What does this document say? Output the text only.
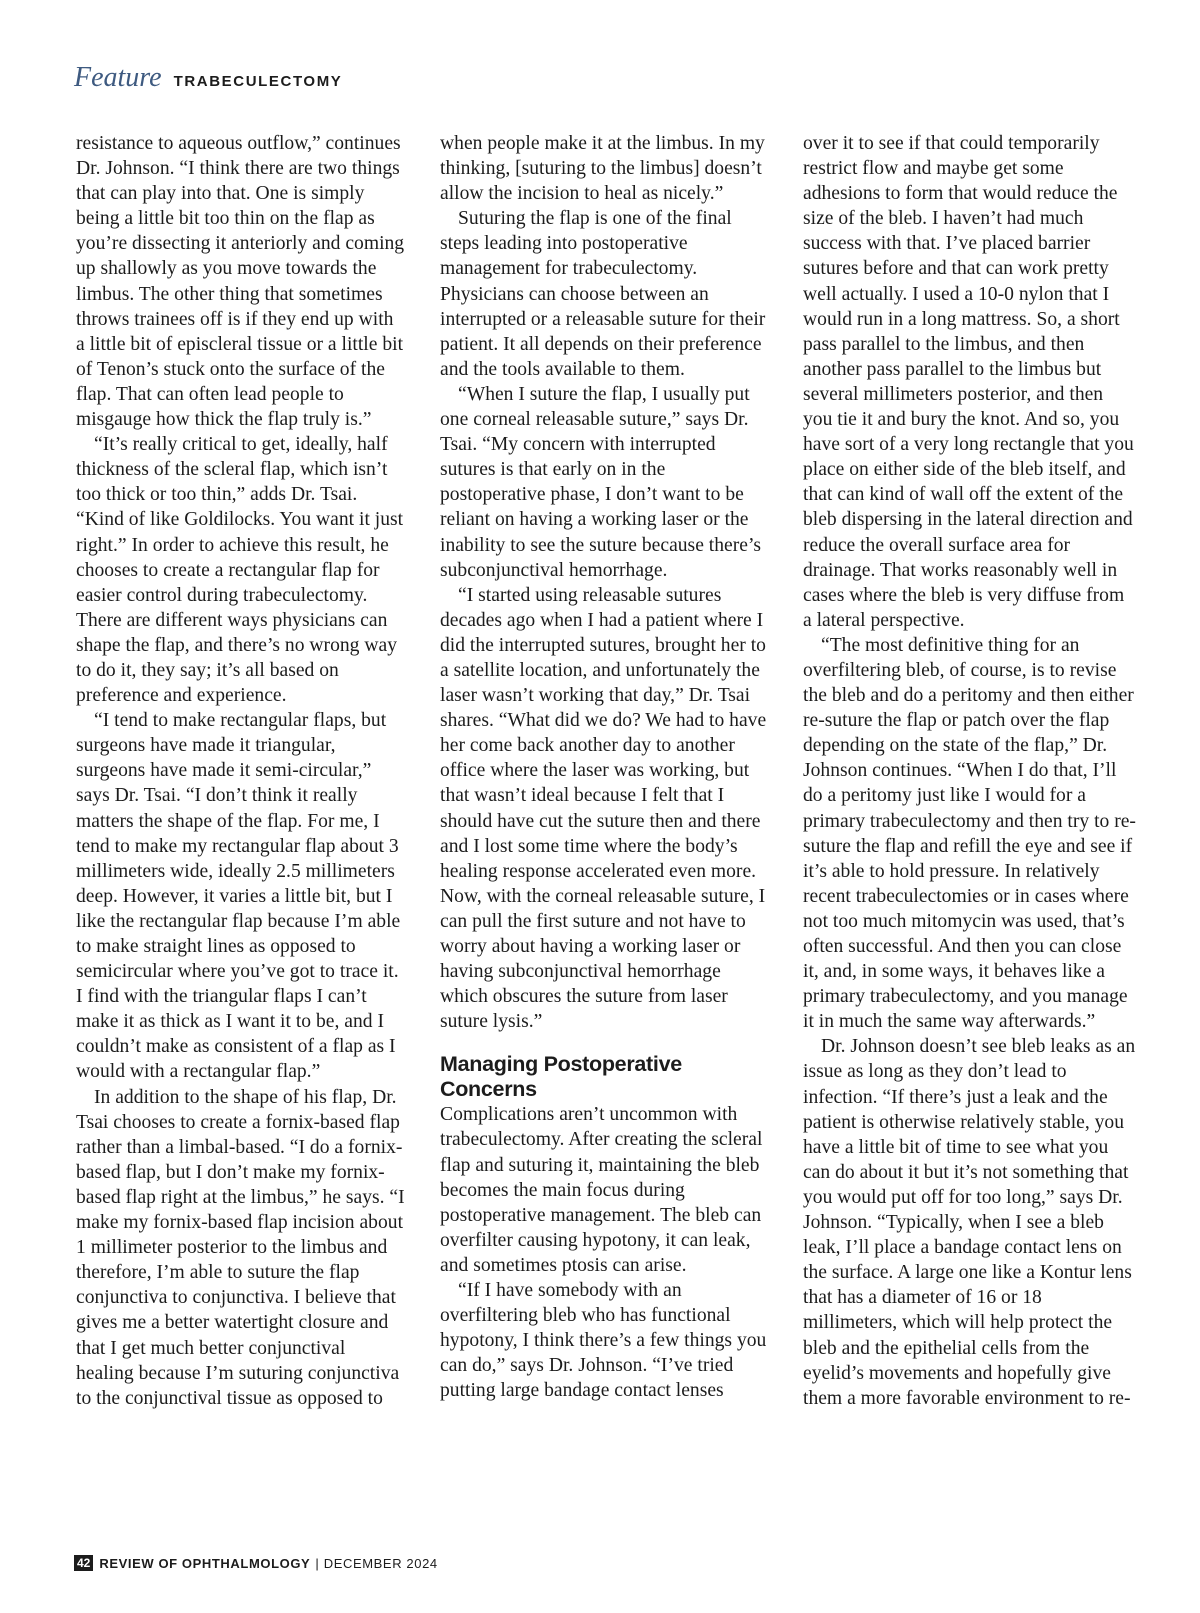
Feature TRABECULECTOMY

resistance to aqueous outflow,” continues Dr. Johnson. “I think there are two things that can play into that. One is simply being a little bit too thin on the flap as you’re dissecting it anteriorly and coming up shallowly as you move towards the limbus. The other thing that sometimes throws trainees off is if they end up with a little bit of episcleral tissue or a little bit of Tenon’s stuck onto the surface of the flap. That can often lead people to misgauge how thick the flap truly is.”

“It’s really critical to get, ideally, half thickness of the scleral flap, which isn’t too thick or too thin,” adds Dr. Tsai. “Kind of like Goldilocks. You want it just right.” In order to achieve this result, he chooses to create a rectangular flap for easier control during trabeculectomy. There are different ways physicians can shape the flap, and there’s no wrong way to do it, they say; it’s all based on preference and experience.

“I tend to make rectangular flaps, but surgeons have made it triangular, surgeons have made it semi-circular,” says Dr. Tsai. “I don’t think it really matters the shape of the flap. For me, I tend to make my rectangular flap about 3 millimeters wide, ideally 2.5 millimeters deep. However, it varies a little bit, but I like the rectangular flap because I’m able to make straight lines as opposed to semicircular where you’ve got to trace it. I find with the triangular flaps I can’t make it as thick as I want it to be, and I couldn’t make as consistent of a flap as I would with a rectangular flap.”

In addition to the shape of his flap, Dr. Tsai chooses to create a fornix-based flap rather than a limbal-based. “I do a fornix-based flap, but I don’t make my fornix-based flap right at the limbus,” he says. “I make my fornix-based flap incision about 1 millimeter posterior to the limbus and therefore, I’m able to suture the flap conjunctiva to conjunctiva. I believe that gives me a better watertight closure and that I get much better conjunctival healing because I’m suturing conjunctiva to the conjunctival tissue as opposed to

when people make it at the limbus. In my thinking, [suturing to the limbus] doesn’t allow the incision to heal as nicely.”

Suturing the flap is one of the final steps leading into postoperative management for trabeculectomy. Physicians can choose between an interrupted or a releasable suture for their patient. It all depends on their preference and the tools available to them.

“When I suture the flap, I usually put one corneal releasable suture,” says Dr. Tsai. “My concern with interrupted sutures is that early on in the postoperative phase, I don’t want to be reliant on having a working laser or the inability to see the suture because there’s subconjunctival hemorrhage.

“I started using releasable sutures decades ago when I had a patient where I did the interrupted sutures, brought her to a satellite location, and unfortunately the laser wasn’t working that day,” Dr. Tsai shares. “What did we do? We had to have her come back another day to another office where the laser was working, but that wasn’t ideal because I felt that I should have cut the suture then and there and I lost some time where the body’s healing response accelerated even more. Now, with the corneal releasable suture, I can pull the first suture and not have to worry about having a working laser or having subconjunctival hemorrhage which obscures the suture from laser suture lysis.”

Managing Postoperative Concerns

Complications aren’t uncommon with trabeculectomy. After creating the scleral flap and suturing it, maintaining the bleb becomes the main focus during postoperative management. The bleb can overfilter causing hypotony, it can leak, and sometimes ptosis can arise.

“If I have somebody with an overfiltering bleb who has functional hypotony, I think there’s a few things you can do,” says Dr. Johnson. “I’ve tried putting large bandage contact lenses

over it to see if that could temporarily restrict flow and maybe get some adhesions to form that would reduce the size of the bleb. I haven’t had much success with that. I’ve placed barrier sutures before and that can work pretty well actually. I used a 10-0 nylon that I would run in a long mattress. So, a short pass parallel to the limbus, and then another pass parallel to the limbus but several millimeters posterior, and then you tie it and bury the knot. And so, you have sort of a very long rectangle that you place on either side of the bleb itself, and that can kind of wall off the extent of the bleb dispersing in the lateral direction and reduce the overall surface area for drainage. That works reasonably well in cases where the bleb is very diffuse from a lateral perspective.

“The most definitive thing for an overfiltering bleb, of course, is to revise the bleb and do a peritomy and then either re-suture the flap or patch over the flap depending on the state of the flap,” Dr. Johnson continues. “When I do that, I’ll do a peritomy just like I would for a primary trabeculectomy and then try to re-suture the flap and refill the eye and see if it’s able to hold pressure. In relatively recent trabeculectomies or in cases where not too much mitomycin was used, that’s often successful. And then you can close it, and, in some ways, it behaves like a primary trabeculectomy, and you manage it in much the same way afterwards.”

Dr. Johnson doesn’t see bleb leaks as an issue as long as they don’t lead to infection. “If there’s just a leak and the patient is otherwise relatively stable, you have a little bit of time to see what you can do about it but it’s not something that you would put off for too long,” says Dr. Johnson. “Typically, when I see a bleb leak, I’ll place a bandage contact lens on the surface. A large one like a Kontur lens that has a diameter of 16 or 18 millimeters, which will help protect the bleb and the epithelial cells from the eyelid’s movements and hopefully give them a more favorable environment to re-

42 REVIEW OF OPHTHALMOLOGY | DECEMBER 2024
